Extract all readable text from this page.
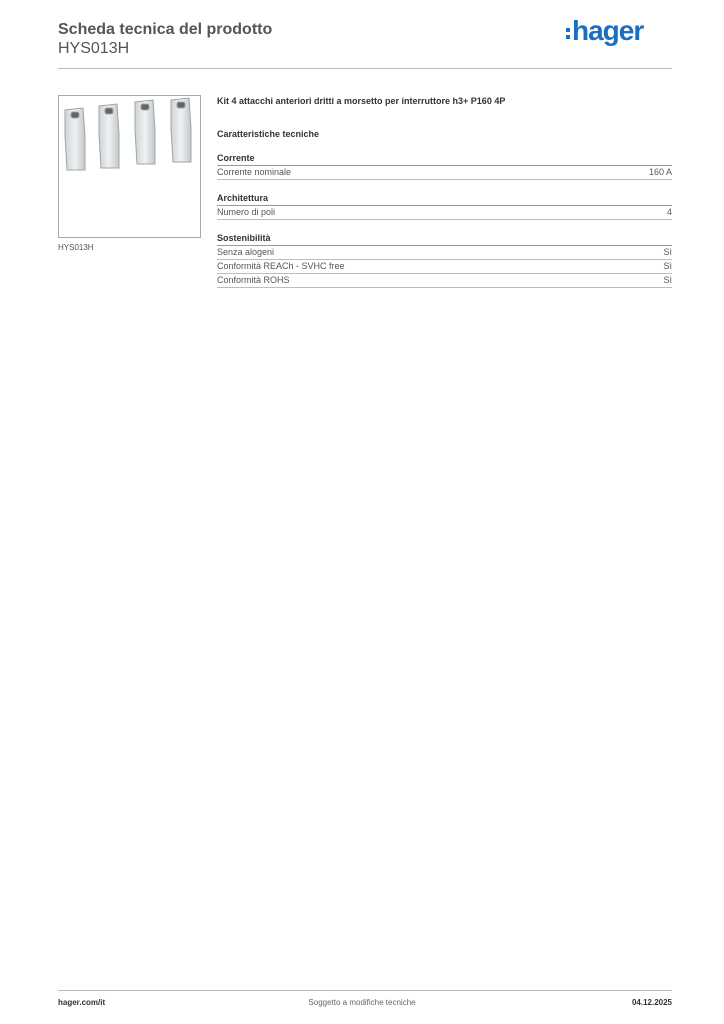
Scheda tecnica del prodotto
HYS013H
hager
HYS013H
Kit 4 attacchi anteriori dritti a morsetto per interruttore h3+ P160 4P
Caratteristiche tecniche
Corrente
Corrente nominale	160 A
Architettura
Numero di poli	4
Sostenibilità
Senza alogeni	Sì
Conformità REACh - SVHC free	Sì
Conformità ROHS	Sì
hager.com/it	Soggetto a modifiche tecniche	04.12.2025
